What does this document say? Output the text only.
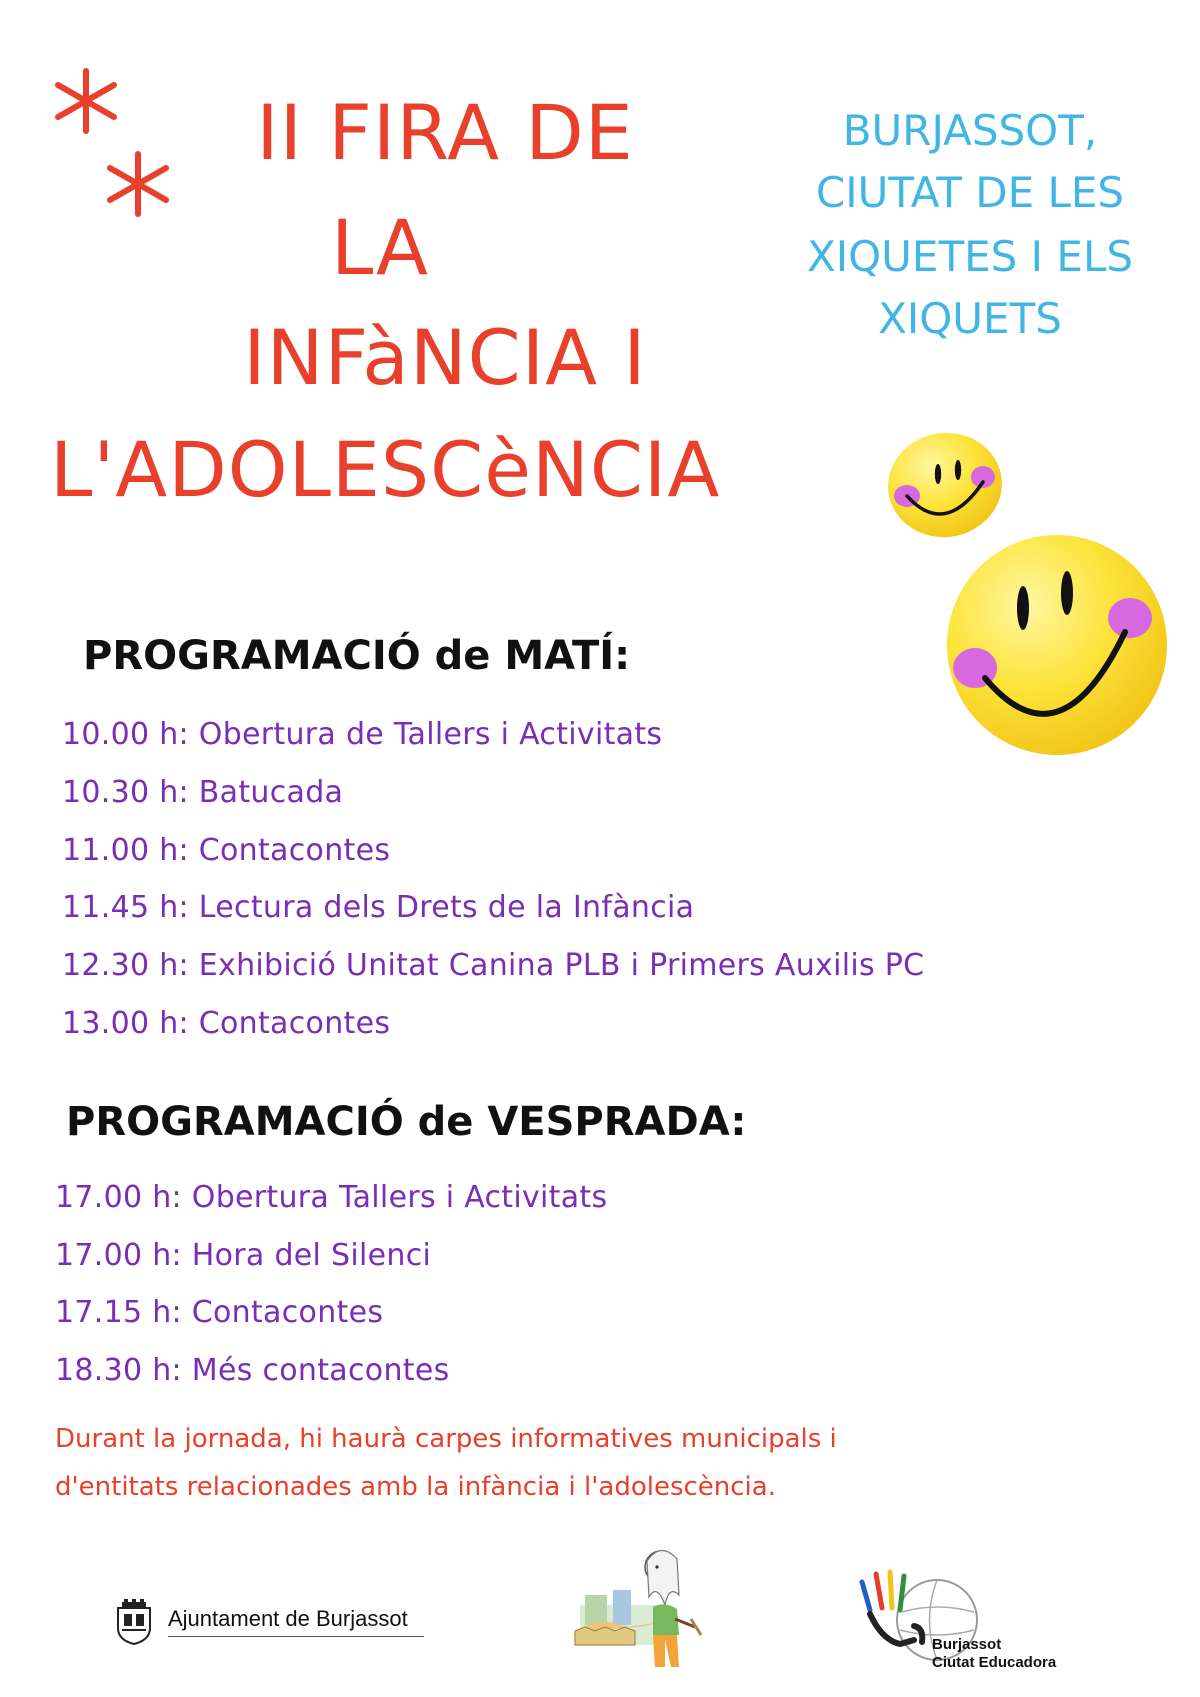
II FIRA DE
LA
INFàNCIA I
L'ADOLESCèNCIA
BURJASSOT,
CIUTAT DE LES
XIQUETES I ELS
XIQUETS
PROGRAMACIÓ de MATÍ:
10.00 h: Obertura de Tallers i Activitats
10.30 h: Batucada
11.00 h: Contacontes
11.45 h: Lectura dels Drets de la Infància
12.30 h: Exhibició Unitat Canina PLB i Primers Auxilis PC
13.00 h: Contacontes
PROGRAMACIÓ de VESPRADA:
17.00 h: Obertura Tallers i Activitats
17.00 h: Hora del Silenci
17.15 h: Contacontes
18.30 h: Més contacontes
Durant la jornada, hi haurà carpes informatives municipals i
d'entitats relacionades amb la infància i l'adolescència.
Ajuntament de Burjassot
Burjassot
Ciutat Educadora
